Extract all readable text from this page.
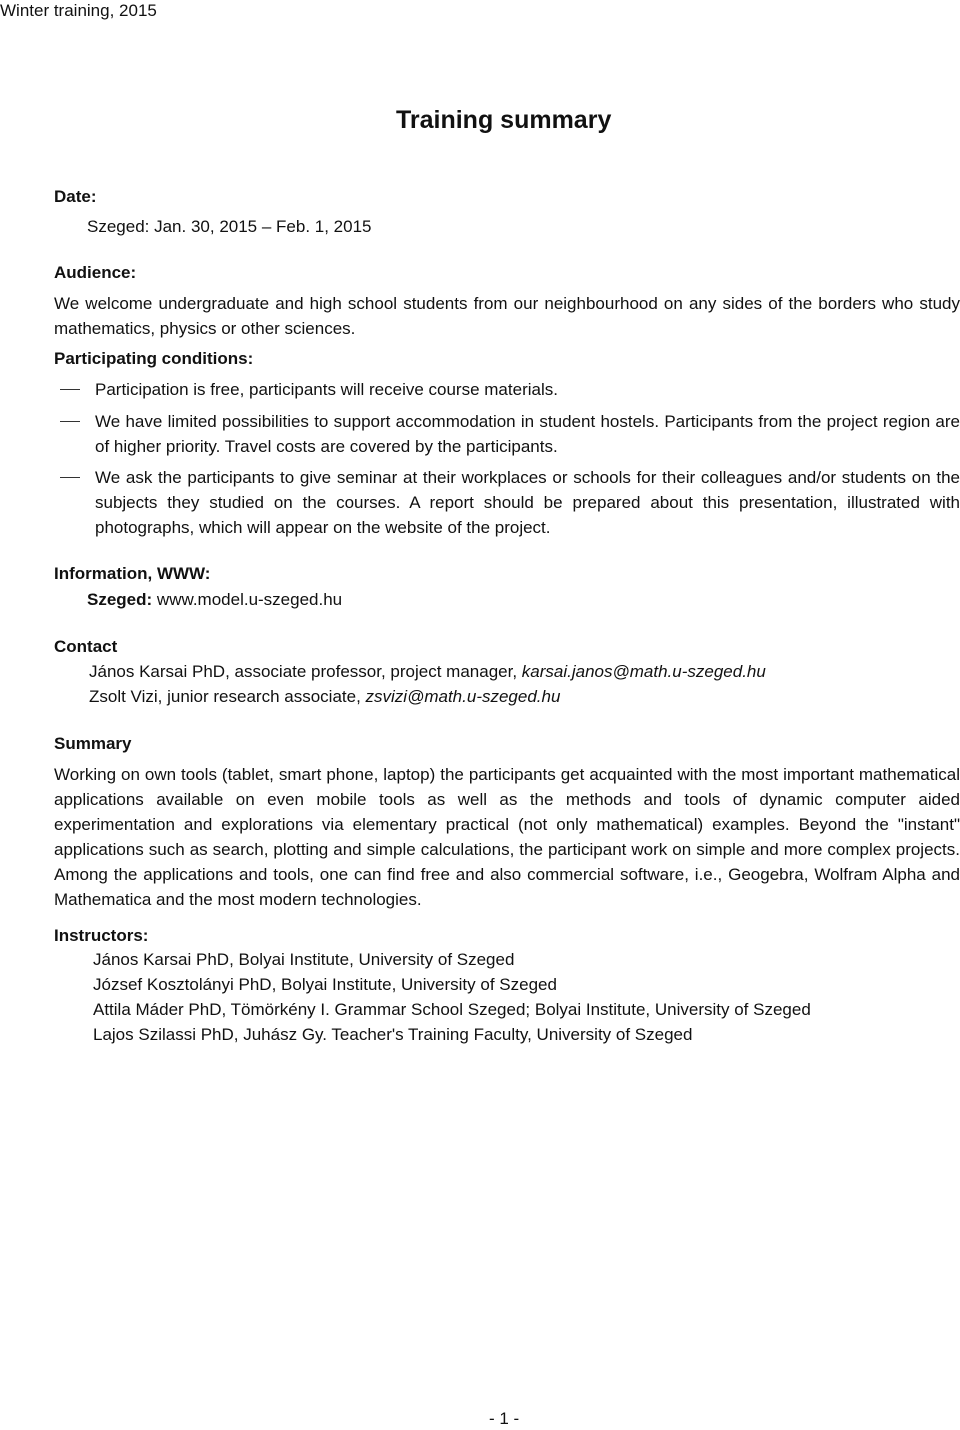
Winter training, 2015
Training summary
Date:
Szeged: Jan. 30, 2015 – Feb. 1, 2015
Audience:
We welcome undergraduate and high school students from our neighbourhood on any sides of the borders who study mathematics, physics or other sciences.
Participating conditions:
Participation is free, participants will receive course materials.
We have limited possibilities to support accommodation in student hostels. Participants from the project region are of higher priority. Travel costs are covered by the participants.
We ask the participants to give seminar at their workplaces or schools for their colleagues and/or students on the subjects they studied on the courses. A report should be prepared about this presentation, illustrated with photographs, which will appear on the website of the project.
Information, WWW:
Szeged: www.model.u-szeged.hu
Contact
János Karsai PhD, associate professor, project manager, karsai.janos@math.u-szeged.hu
Zsolt Vizi, junior research associate, zsvizi@math.u-szeged.hu
Summary
Working on own tools (tablet, smart phone, laptop) the participants get acquainted with the most important mathematical applications available on even mobile tools as well as the methods and tools of dynamic computer aided experimentation and explorations via elementary practical (not only mathematical) examples. Beyond the "instant" applications such as search, plotting and simple calculations, the participant work on simple and more complex projects. Among the applications and tools, one can find free and also commercial software, i.e., Geogebra, Wolfram Alpha and Mathematica and the most modern technologies.
Instructors:
János Karsai PhD, Bolyai Institute, University of Szeged
József Kosztolányi PhD, Bolyai Institute, University of Szeged
Attila Máder PhD, Tömörkény I. Grammar School Szeged; Bolyai Institute, University of Szeged
Lajos Szilassi PhD, Juhász Gy. Teacher's Training Faculty, University of Szeged
- 1 -
